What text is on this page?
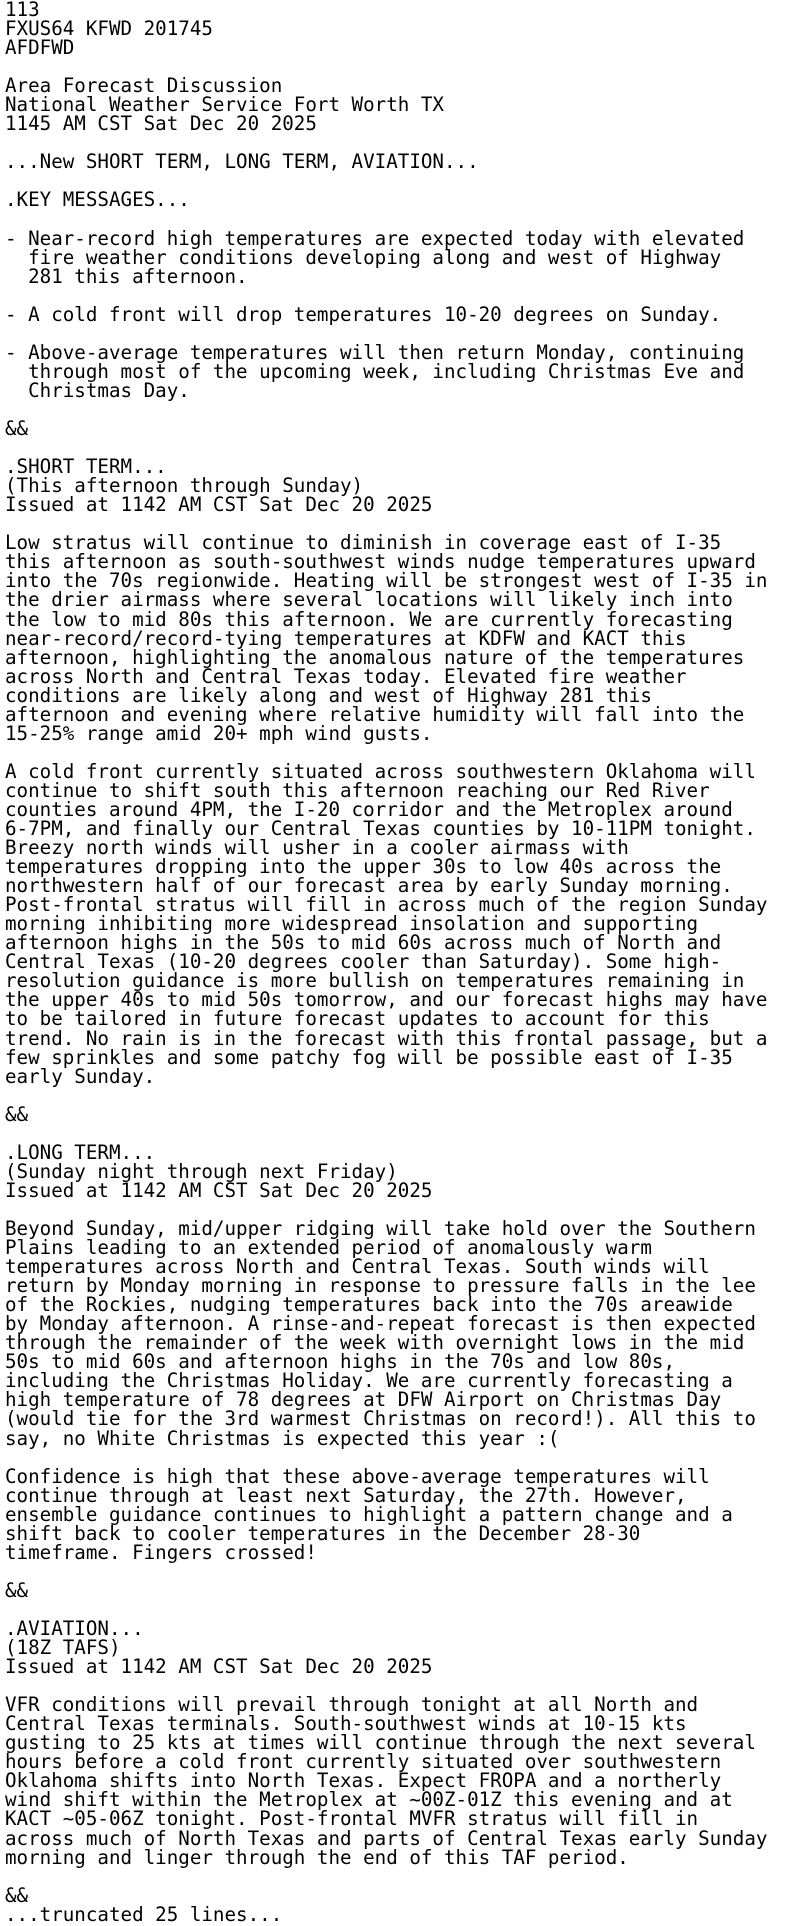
113
FXUS64 KFWD 201745
AFDFWD
Area Forecast Discussion
National Weather Service Fort Worth TX
1145 AM CST Sat Dec 20 2025
...New SHORT TERM, LONG TERM, AVIATION...
.KEY MESSAGES...
- Near-record high temperatures are expected today with elevated
fire weather conditions developing along and west of Highway
281 this afternoon.
- A cold front will drop temperatures 10-20 degrees on Sunday.
- Above-average temperatures will then return Monday, continuing
through most of the upcoming week, including Christmas Eve and
Christmas Day.
&&
.SHORT TERM...
(This afternoon through Sunday)
Issued at 1142 AM CST Sat Dec 20 2025
Low stratus will continue to diminish in coverage east of I-35
this afternoon as south-southwest winds nudge temperatures upward
into the 70s regionwide. Heating will be strongest west of I-35 in
the drier airmass where several locations will likely inch into
the low to mid 80s this afternoon. We are currently forecasting
near-record/record-tying temperatures at KDFW and KACT this
afternoon, highlighting the anomalous nature of the temperatures
across North and Central Texas today. Elevated fire weather
conditions are likely along and west of Highway 281 this
afternoon and evening where relative humidity will fall into the
15-25% range amid 20+ mph wind gusts.
A cold front currently situated across southwestern Oklahoma will
continue to shift south this afternoon reaching our Red River
counties around 4PM, the I-20 corridor and the Metroplex around
6-7PM, and finally our Central Texas counties by 10-11PM tonight.
Breezy north winds will usher in a cooler airmass with
temperatures dropping into the upper 30s to low 40s across the
northwestern half of our forecast area by early Sunday morning.
Post-frontal stratus will fill in across much of the region Sunday
morning inhibiting more widespread insolation and supporting
afternoon highs in the 50s to mid 60s across much of North and
Central Texas (10-20 degrees cooler than Saturday). Some high-
resolution guidance is more bullish on temperatures remaining in
the upper 40s to mid 50s tomorrow, and our forecast highs may have
to be tailored in future forecast updates to account for this
trend. No rain is in the forecast with this frontal passage, but a
few sprinkles and some patchy fog will be possible east of I-35
early Sunday.
&&
.LONG TERM...
(Sunday night through next Friday)
Issued at 1142 AM CST Sat Dec 20 2025
Beyond Sunday, mid/upper ridging will take hold over the Southern
Plains leading to an extended period of anomalously warm
temperatures across North and Central Texas. South winds will
return by Monday morning in response to pressure falls in the lee
of the Rockies, nudging temperatures back into the 70s areawide
by Monday afternoon. A rinse-and-repeat forecast is then expected
through the remainder of the week with overnight lows in the mid
50s to mid 60s and afternoon highs in the 70s and low 80s,
including the Christmas Holiday. We are currently forecasting a
high temperature of 78 degrees at DFW Airport on Christmas Day
(would tie for the 3rd warmest Christmas on record!). All this to
say, no White Christmas is expected this year :(
Confidence is high that these above-average temperatures will
continue through at least next Saturday, the 27th. However,
ensemble guidance continues to highlight a pattern change and a
shift back to cooler temperatures in the December 28-30
timeframe. Fingers crossed!
&&
.AVIATION...
(18Z TAFS)
Issued at 1142 AM CST Sat Dec 20 2025
VFR conditions will prevail through tonight at all North and
Central Texas terminals. South-southwest winds at 10-15 kts
gusting to 25 kts at times will continue through the next several
hours before a cold front currently situated over southwestern
Oklahoma shifts into North Texas. Expect FROPA and a northerly
wind shift within the Metroplex at ~00Z-01Z this evening and at
KACT ~05-06Z tonight. Post-frontal MVFR stratus will fill in
across much of North Texas and parts of Central Texas early Sunday
morning and linger through the end of this TAF period.
&&
...truncated 25 lines...
